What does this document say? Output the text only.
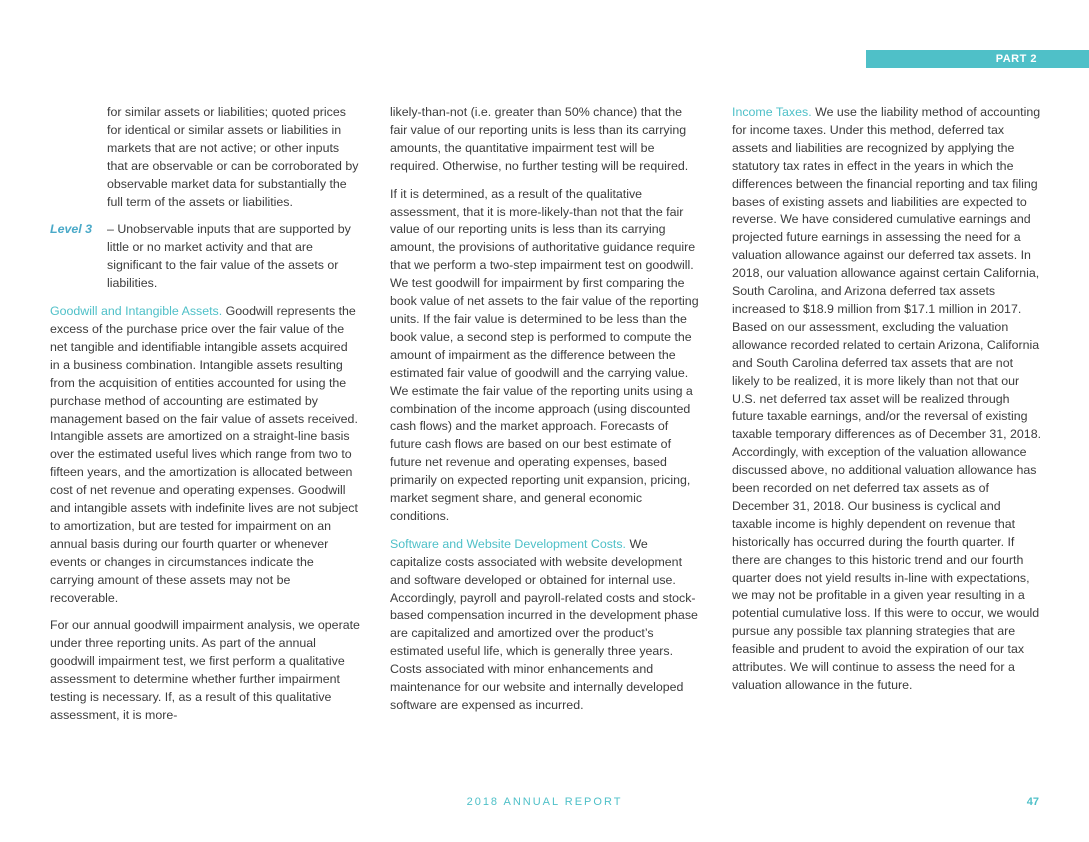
PART 2

for similar assets or liabilities; quoted prices for identical or similar assets or liabilities in markets that are not active; or other inputs that are observable or can be corroborated by observable market data for substantially the full term of the assets or liabilities.

Level 3	– Unobservable inputs that are supported by little or no market activity and that are significant to the fair value of the assets or liabilities.

Goodwill and Intangible Assets. Goodwill represents the excess of the purchase price over the fair value of the net tangible and identifiable intangible assets acquired in a business combination. Intangible assets resulting from the acquisition of entities accounted for using the purchase method of accounting are estimated by management based on the fair value of assets received. Intangible assets are amortized on a straight-line basis over the estimated useful lives which range from two to fifteen years, and the amortization is allocated between cost of net revenue and operating expenses. Goodwill and intangible assets with indefinite lives are not subject to amortization, but are tested for impairment on an annual basis during our fourth quarter or whenever events or changes in circumstances indicate the carrying amount of these assets may not be recoverable.

For our annual goodwill impairment analysis, we operate under three reporting units. As part of the annual goodwill impairment test, we first perform a qualitative assessment to determine whether further impairment testing is necessary. If, as a result of this qualitative assessment, it is more-

likely-than-not (i.e. greater than 50% chance) that the fair value of our reporting units is less than its carrying amounts, the quantitative impairment test will be required. Otherwise, no further testing will be required.

If it is determined, as a result of the qualitative assessment, that it is more-likely-than not that the fair value of our reporting units is less than its carrying amount, the provisions of authoritative guidance require that we perform a two-step impairment test on goodwill. We test goodwill for impairment by first comparing the book value of net assets to the fair value of the reporting units. If the fair value is determined to be less than the book value, a second step is performed to compute the amount of impairment as the difference between the estimated fair value of goodwill and the carrying value. We estimate the fair value of the reporting units using a combination of the income approach (using discounted cash flows) and the market approach. Forecasts of future cash flows are based on our best estimate of future net revenue and operating expenses, based primarily on expected reporting unit expansion, pricing, market segment share, and general economic conditions.

Software and Website Development Costs. We capitalize costs associated with website development and software developed or obtained for internal use. Accordingly, payroll and payroll-related costs and stock-based compensation incurred in the development phase are capitalized and amortized over the product’s estimated useful life, which is generally three years. Costs associated with minor enhancements and maintenance for our website and internally developed software are expensed as incurred.

Income Taxes. We use the liability method of accounting for income taxes. Under this method, deferred tax assets and liabilities are recognized by applying the statutory tax rates in effect in the years in which the differences between the financial reporting and tax filing bases of existing assets and liabilities are expected to reverse. We have considered cumulative earnings and projected future earnings in assessing the need for a valuation allowance against our deferred tax assets. In 2018, our valuation allowance against certain California, South Carolina, and Arizona deferred tax assets increased to $18.9 million from $17.1 million in 2017. Based on our assessment, excluding the valuation allowance recorded related to certain Arizona, California and South Carolina deferred tax assets that are not likely to be realized, it is more likely than not that our U.S. net deferred tax asset will be realized through future taxable earnings, and/or the reversal of existing taxable temporary differences as of December 31, 2018. Accordingly, with exception of the valuation allowance discussed above, no additional valuation allowance has been recorded on net deferred tax assets as of December 31, 2018. Our business is cyclical and taxable income is highly dependent on revenue that historically has occurred during the fourth quarter. If there are changes to this historic trend and our fourth quarter does not yield results in-line with expectations, we may not be profitable in a given year resulting in a potential cumulative loss. If this were to occur, we would pursue any possible tax planning strategies that are feasible and prudent to avoid the expiration of our tax attributes. We will continue to assess the need for a valuation allowance in the future.

2018 ANNUAL REPORT	47
